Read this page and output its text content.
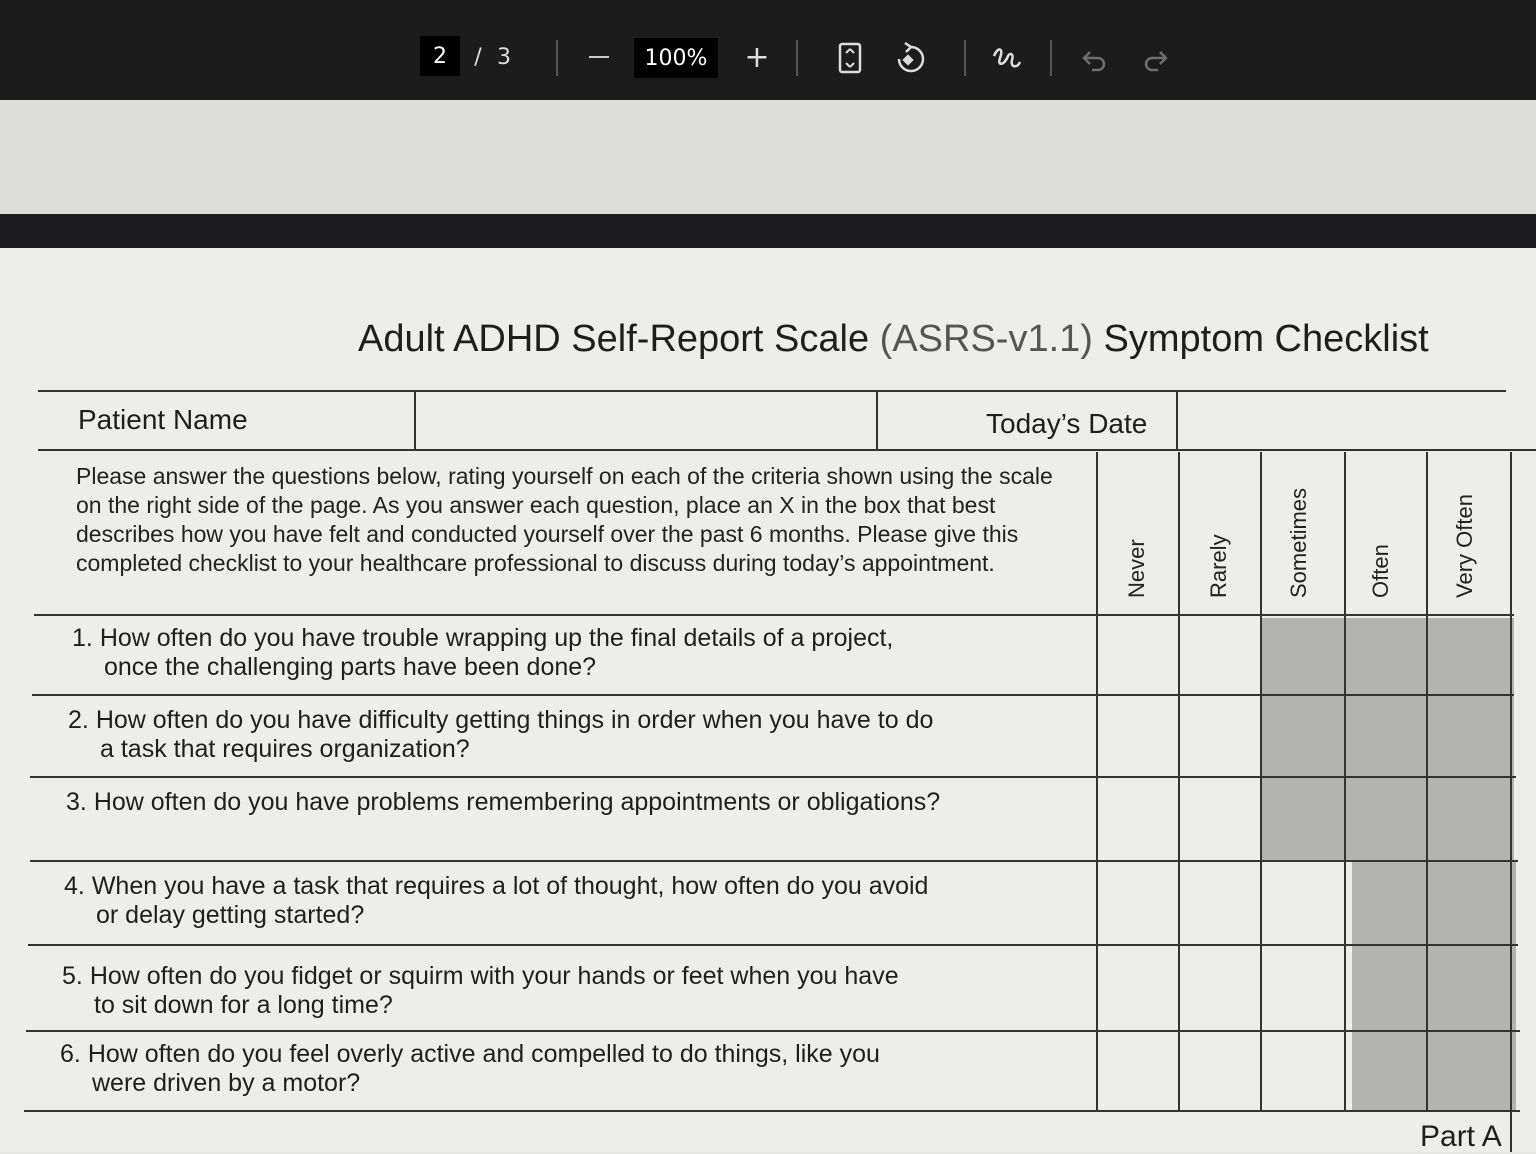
2	/ 3	100%	+
Adult ADHD Self-Report Scale (ASRS-v1.1) Symptom Checklist
Patient Name	Today’s Date
Please answer the questions below, rating yourself on each of the criteria shown using the scale on the right side of the page. As you answer each question, place an X in the box that best describes how you have felt and conducted yourself over the past 6 months. Please give this completed checklist to your healthcare professional to discuss during today’s appointment.	Never	Rarely	Sometimes	Often	Very Often
1. How often do you have trouble wrapping up the final details of a project,
once the challenging parts have been done?
2. How often do you have difficulty getting things in order when you have to do
a task that requires organization?
3. How often do you have problems remembering appointments or obligations?
4. When you have a task that requires a lot of thought, how often do you avoid
or delay getting started?
5. How often do you fidget or squirm with your hands or feet when you have
to sit down for a long time?
6. How often do you feel overly active and compelled to do things, like you
were driven by a motor?
Part A
